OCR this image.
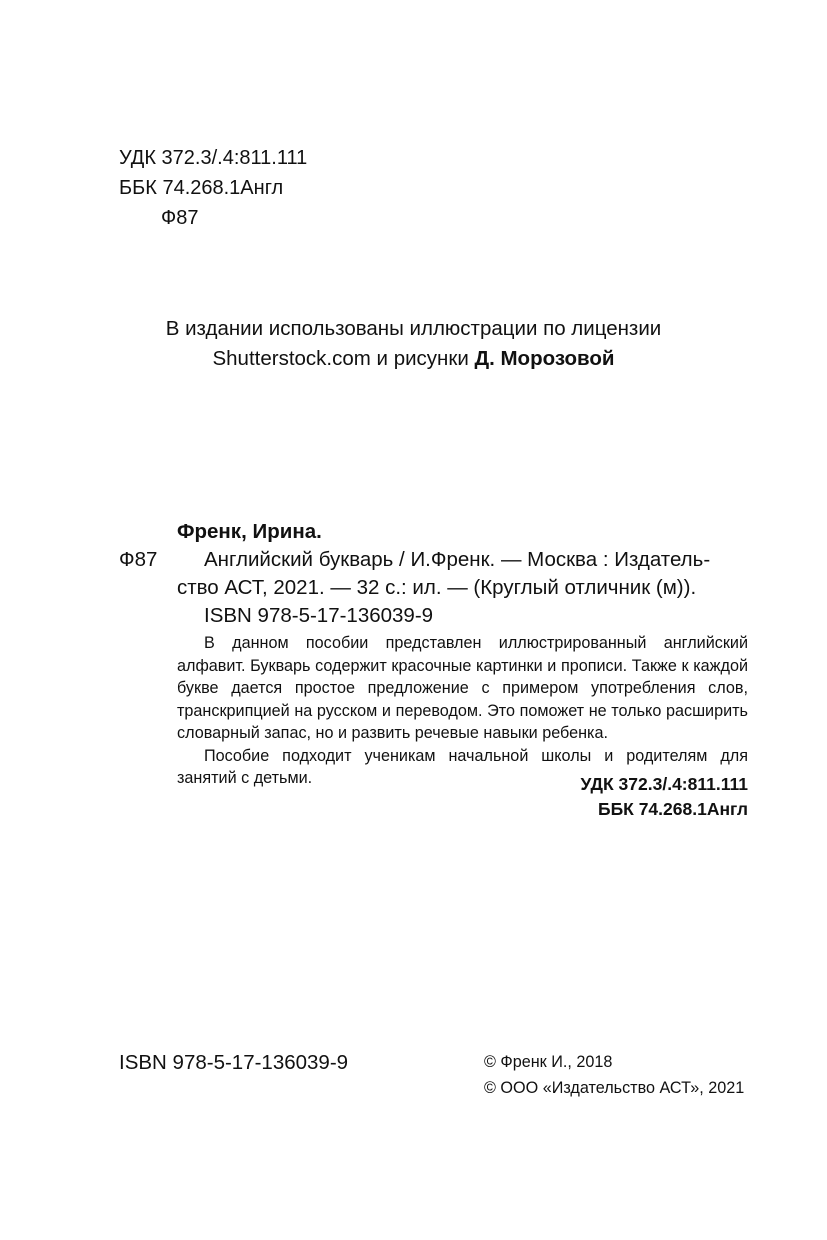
УДК 372.3/.4:811.111
ББК 74.268.1Англ
Ф87
В издании использованы иллюстрации по лицензии
Shutterstock.com и рисунки Д. Морозовой
Френк, Ирина.
Ф87 Английский букварь / И.Френк. — Москва : Издатель-
ство АСТ, 2021. — 32 с.: ил. — (Круглый отличник (м)).
ISBN 978-5-17-136039-9

В данном пособии представлен иллюстрированный английский алфавит. Букварь содержит красочные картинки и прописи. Также к каждой букве дается простое предложение с примером употребления слов, транскрипцией на русском и переводом. Это поможет не только расширить словарный запас, но и развить речевые навыки ребенка.

Пособие подходит ученикам начальной школы и родителям для занятий с детьми.	УДК 372.3/.4:811.111
ББК 74.268.1Англ
ISBN 978-5-17-136039-9	© Френк И., 2018
© ООО «Издательство АСТ», 2021
